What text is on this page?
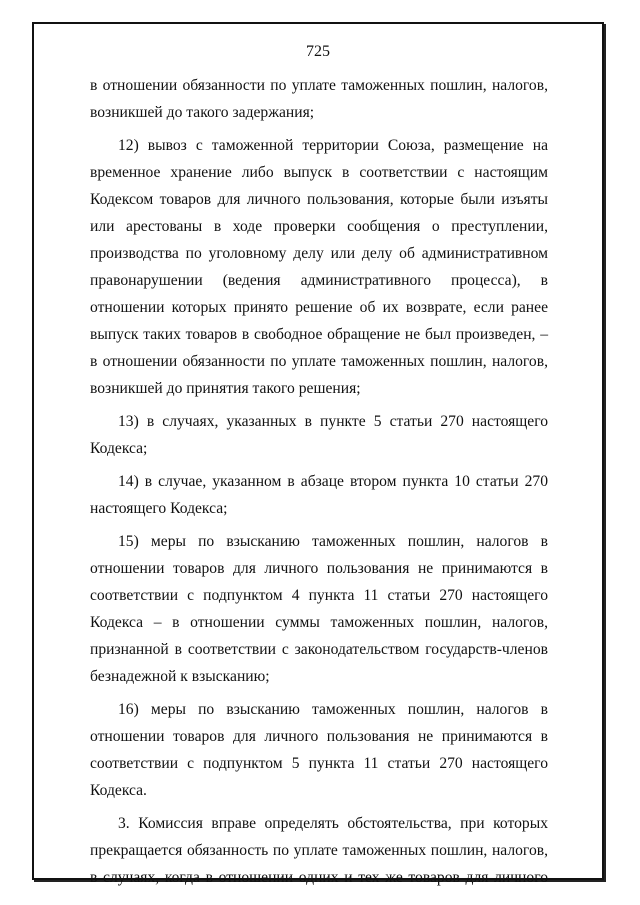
725

в отношении обязанности по уплате таможенных пошлин, налогов, возникшей до такого задержания;

12) вывоз с таможенной территории Союза, размещение на временное хранение либо выпуск в соответствии с настоящим Кодексом товаров для личного пользования, которые были изъяты или арестованы в ходе проверки сообщения о преступлении, производства по уголовному делу или делу об административном правонарушении (ведения административного процесса), в отношении которых принято решение об их возврате, если ранее выпуск таких товаров в свободное обращение не был произведен, – в отношении обязанности по уплате таможенных пошлин, налогов, возникшей до принятия такого решения;

13) в случаях, указанных в пункте 5 статьи 270 настоящего Кодекса;

14) в случае, указанном в абзаце втором пункта 10 статьи 270 настоящего Кодекса;

15) меры по взысканию таможенных пошлин, налогов в отношении товаров для личного пользования не принимаются в соответствии с подпунктом 4 пункта 11 статьи 270 настоящего Кодекса – в отношении суммы таможенных пошлин, налогов, признанной в соответствии с законодательством государств-членов безнадежной к взысканию;

16) меры по взысканию таможенных пошлин, налогов в отношении товаров для личного пользования не принимаются в соответствии с подпунктом 5 пункта 11 статьи 270 настоящего Кодекса.

3. Комиссия вправе определять обстоятельства, при которых прекращается обязанность по уплате таможенных пошлин, налогов, в случаях, когда в отношении одних и тех же товаров для личного
